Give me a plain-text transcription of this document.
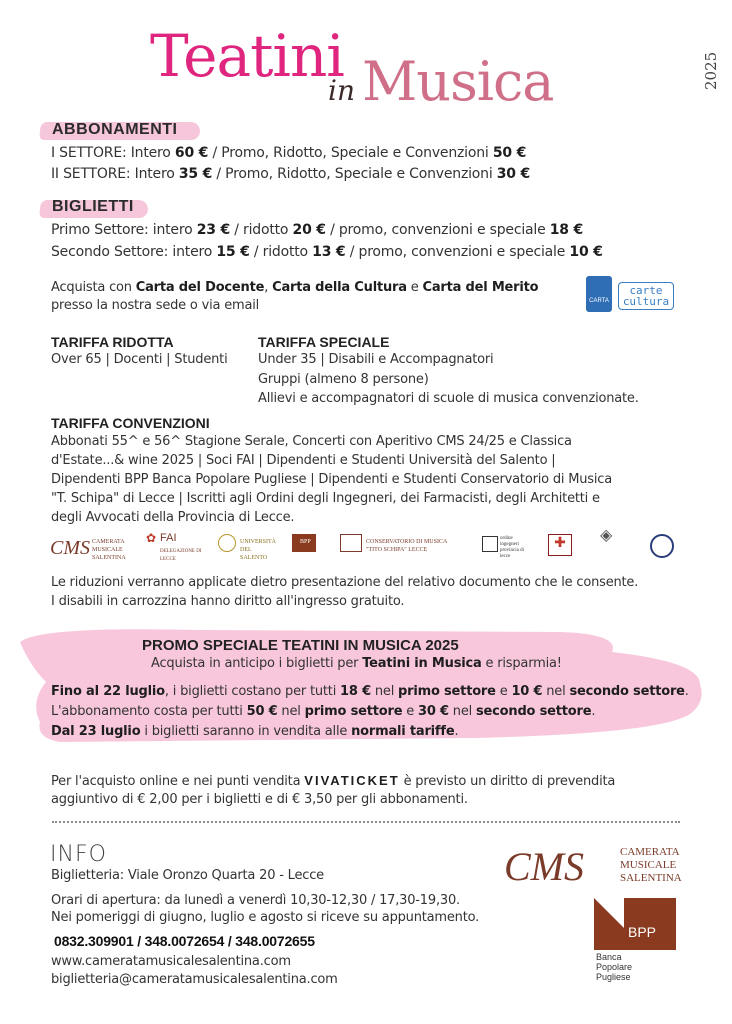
Teatini
in Musica	2025
ABBONAMENTI
I SETTORE: Intero 60 € / Promo, Ridotto, Speciale e Convenzioni 50 €
II SETTORE: Intero 35 € / Promo, Ridotto, Speciale e Convenzioni 30 €
BIGLIETTI
Primo Settore: intero 23 € / ridotto 20 € / promo, convenzioni e speciale 18 €
Secondo Settore: intero 15 € / ridotto 13 € / promo, convenzioni e speciale 10 €
Acquista con Carta del Docente, Carta della Cultura e Carta del Merito
presso la nostra sede o via email	CARTA
carte
cultura
TARIFFA RIDOTTA
Over 65 | Docenti | Studenti
TARIFFA SPECIALE
Under 35 | Disabili e Accompagnatori
Gruppi (almeno 8 persone)
Allievi e accompagnatori di scuole di musica convenzionate.
TARIFFA CONVENZIONI
Abbonati 55^ e 56^ Stagione Serale, Concerti con Aperitivo CMS 24/25 e Classica
d'Estate...& wine 2025 | Soci FAI | Dipendenti e Studenti Università del Salento |
Dipendenti BPP Banca Popolare Pugliese | Dipendenti e Studenti Conservatorio di Musica
"T. Schipa" di Lecce | Iscritti agli Ordini degli Ingegneri, dei Farmacisti, degli Architetti e
degli Avvocati della Provincia di Lecce.
CMS CAMERATA MUSICALE SALENTINA
✿ FAI
DELEGAZIONE DI LECCE
UNIVERSITÀ DEL SALENTO
BPP	CONSERVATORIO DI MUSICA "TITO SCHIPA" LECCE
ordine ingegneri provincia di lecce
✚	◈
Le riduzioni verranno applicate dietro presentazione del relativo documento che le consente.
I disabili in carrozzina hanno diritto all'ingresso gratuito.
PROMO SPECIALE TEATINI IN MUSICA 2025
Acquista in anticipo i biglietti per Teatini in Musica e risparmia!
Fino al 22 luglio, i biglietti costano per tutti 18 € nel primo settore e 10 € nel secondo settore.
L'abbonamento costa per tutti 50 € nel primo settore e 30 € nel secondo settore.
Dal 23 luglio i biglietti saranno in vendita alle normali tariffe.
Per l'acquisto online e nei punti vendita VIVATICKET è previsto un diritto di prevendita
aggiuntivo di € 2,00 per i biglietti e di € 3,50 per gli abbonamenti.
INFO
Biglietteria: Viale Oronzo Quarta 20 - Lecce
Orari di apertura: da lunedì a venerdì 10,30-12,30 / 17,30-19,30.
Nei pomeriggi di giugno, luglio e agosto si riceve su appuntamento.
0832.309901 / 348.0072654 / 348.0072655
www.cameratamusicalesalentina.com
biglietteria@cameratamusicalesalentina.com
CMS	CAMERATA
MUSICALE
SALENTINA
BPP
Banca
Popolare
Pugliese
